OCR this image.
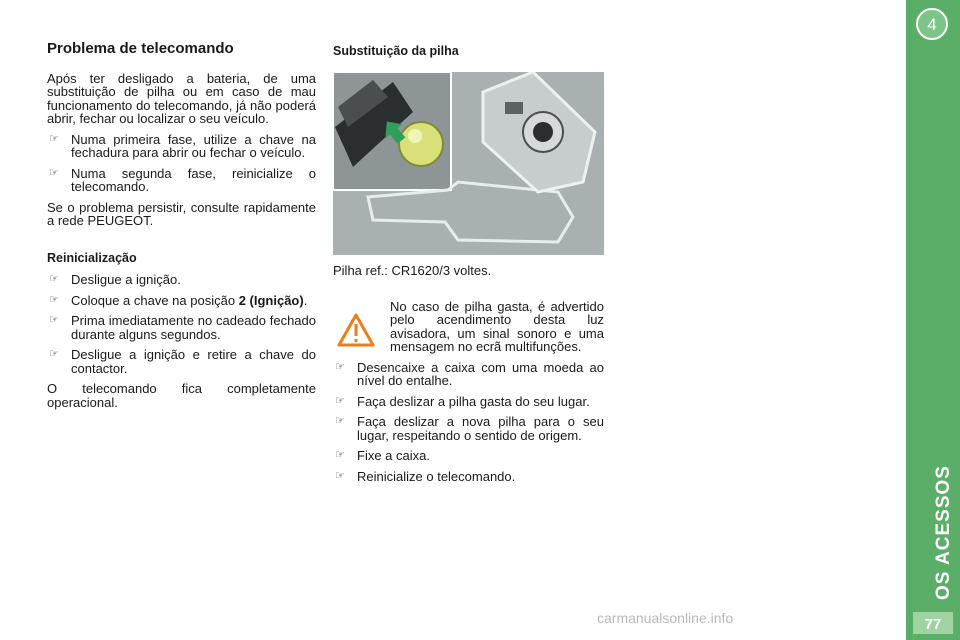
Problema de telecomando

Após ter desligado a bateria, de uma substituição de pilha ou em caso de mau funcionamento do telecomando, já não poderá abrir, fechar ou localizar o seu veículo.

☞ Numa primeira fase, utilize a chave na fechadura para abrir ou fechar o veículo.
☞ Numa segunda fase, reinicialize o telecomando.

Se o problema persistir, consulte rapidamente a rede PEUGEOT.

Reinicialização
☞ Desligue a ignição.
☞ Coloque a chave na posição 2 (Ignição).
☞ Prima imediatamente no cadeado fechado durante alguns segundos.
☞ Desligue a ignição e retire a chave do contactor.

O telecomando fica completamente operacional.

Substituição da pilha

Pilha ref.: CR1620/3 voltes.

No caso de pilha gasta, é advertido pelo acendimento desta luz avisadora, um sinal sonoro e uma mensagem no ecrã multifunções.

☞ Desencaixe a caixa com uma moeda ao nível do entalhe.
☞ Faça deslizar a pilha gasta do seu lugar.
☞ Faça deslizar a nova pilha para o seu lugar, respeitando o sentido de origem.
☞ Fixe a caixa.
☞ Reinicialize o telecomando.
4
OS ACESSOS
77
carmanualsonline.info
